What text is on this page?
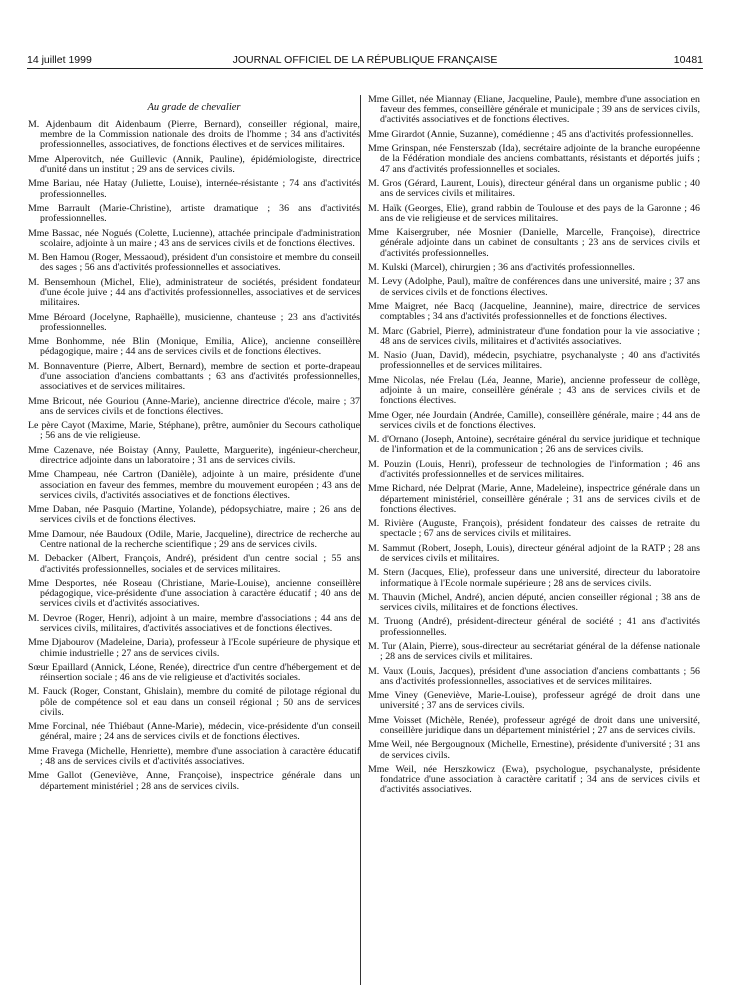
14 juillet 1999	JOURNAL OFFICIEL DE LA RÉPUBLIQUE FRANÇAISE	10481
Au grade de chevalier

M. Ajdenbaum dit Aidenbaum (Pierre, Bernard), conseiller régional, maire, membre de la Commission nationale des droits de l'homme ; 34 ans d'activités professionnelles, associatives, de fonctions électives et de services militaires.

Mme Alperovitch, née Guillevic (Annik, Pauline), épidémiologiste, directrice d'unité dans un institut ; 29 ans de services civils.

Mme Bariau, née Hatay (Juliette, Louise), internée-résistante ; 74 ans d'activités professionnelles.

Mme Barrault (Marie-Christine), artiste dramatique ; 36 ans d'activités professionnelles.

Mme Bassac, née Nogués (Colette, Lucienne), attachée principale d'administration scolaire, adjointe à un maire ; 43 ans de services civils et de fonctions électives.

M. Ben Hamou (Roger, Messaoud), président d'un consistoire et membre du conseil des sages ; 56 ans d'activités professionnelles et associatives.

M. Bensemhoun (Michel, Elie), administrateur de sociétés, président fondateur d'une école juive ; 44 ans d'activités professionnelles, associatives et de services militaires.

Mme Béroard (Jocelyne, Raphaëlle), musicienne, chanteuse ; 23 ans d'activités professionnelles.

Mme Bonhomme, née Blin (Monique, Emilia, Alice), ancienne conseillère pédagogique, maire ; 44 ans de services civils et de fonctions électives.

M. Bonnaventure (Pierre, Albert, Bernard), membre de section et porte-drapeau d'une association d'anciens combattants ; 63 ans d'activités professionnelles, associatives et de services militaires.

Mme Bricout, née Gouriou (Anne-Marie), ancienne directrice d'école, maire ; 37 ans de services civils et de fonctions électives.

Le père Cayot (Maxime, Marie, Stéphane), prêtre, aumônier du Secours catholique ; 56 ans de vie religieuse.

Mme Cazenave, née Boistay (Anny, Paulette, Marguerite), ingénieur-chercheur, directrice adjointe dans un laboratoire ; 31 ans de services civils.

Mme Champeau, née Cartron (Danièle), adjointe à un maire, présidente d'une association en faveur des femmes, membre du mouvement européen ; 43 ans de services civils, d'activités associatives et de fonctions électives.

Mme Daban, née Pasquio (Martine, Yolande), pédopsychiatre, maire ; 26 ans de services civils et de fonctions électives.

Mme Damour, née Baudoux (Odile, Marie, Jacqueline), directrice de recherche au Centre national de la recherche scientifique ; 29 ans de services civils.

M. Debacker (Albert, François, André), président d'un centre social ; 55 ans d'activités professionnelles, sociales et de services militaires.

Mme Desportes, née Roseau (Christiane, Marie-Louise), ancienne conseillère pédagogique, vice-présidente d'une association à caractère éducatif ; 40 ans de services civils et d'activités associatives.

M. Devroe (Roger, Henri), adjoint à un maire, membre d'associations ; 44 ans de services civils, militaires, d'activités associatives et de fonctions électives.

Mme Djabourov (Madeleine, Daria), professeur à l'Ecole supérieure de physique et chimie industrielle ; 27 ans de services civils.

Sœur Epaillard (Annick, Léone, Renée), directrice d'un centre d'hébergement et de réinsertion sociale ; 46 ans de vie religieuse et d'activités sociales.

M. Fauck (Roger, Constant, Ghislain), membre du comité de pilotage régional du pôle de compétence sol et eau dans un conseil régional ; 50 ans de services civils.

Mme Forcinal, née Thiébaut (Anne-Marie), médecin, vice-présidente d'un conseil général, maire ; 24 ans de services civils et de fonctions électives.

Mme Fravega (Michelle, Henriette), membre d'une association à caractère éducatif ; 48 ans de services civils et d'activités associatives.

Mme Gallot (Geneviève, Anne, Françoise), inspectrice générale dans un département ministériel ; 28 ans de services civils.

Mme Gillet, née Miannay (Eliane, Jacqueline, Paule), membre d'une association en faveur des femmes, conseillère générale et municipale ; 39 ans de services civils, d'activités associatives et de fonctions électives.

Mme Girardot (Annie, Suzanne), comédienne ; 45 ans d'activités professionnelles.

Mme Grinspan, née Fensterszab (Ida), secrétaire adjointe de la branche européenne de la Fédération mondiale des anciens combattants, résistants et déportés juifs ; 47 ans d'activités professionnelles et sociales.

M. Gros (Gérard, Laurent, Louis), directeur général dans un organisme public ; 40 ans de services civils et militaires.

M. Haïk (Georges, Elie), grand rabbin de Toulouse et des pays de la Garonne ; 46 ans de vie religieuse et de services militaires.

Mme Kaisergruber, née Mosnier (Danielle, Marcelle, Françoise), directrice générale adjointe dans un cabinet de consultants ; 23 ans de services civils et d'activités professionnelles.

M. Kulski (Marcel), chirurgien ; 36 ans d'activités professionnelles.

M. Levy (Adolphe, Paul), maître de conférences dans une université, maire ; 37 ans de services civils et de fonctions électives.

Mme Maigret, née Bacq (Jacqueline, Jeannine), maire, directrice de services comptables ; 34 ans d'activités professionnelles et de fonctions électives.

M. Marc (Gabriel, Pierre), administrateur d'une fondation pour la vie associative ; 48 ans de services civils, militaires et d'activités associatives.

M. Nasio (Juan, David), médecin, psychiatre, psychanalyste ; 40 ans d'activités professionnelles et de services militaires.

Mme Nicolas, née Frelau (Léa, Jeanne, Marie), ancienne professeur de collège, adjointe à un maire, conseillère générale ; 43 ans de services civils et de fonctions électives.

Mme Oger, née Jourdain (Andrée, Camille), conseillère générale, maire ; 44 ans de services civils et de fonctions électives.

M. d'Ornano (Joseph, Antoine), secrétaire général du service juridique et technique de l'information et de la communication ; 26 ans de services civils.

M. Pouzin (Louis, Henri), professeur de technologies de l'information ; 46 ans d'activités professionnelles et de services militaires.

Mme Richard, née Delprat (Marie, Anne, Madeleine), inspectrice générale dans un département ministériel, conseillère générale ; 31 ans de services civils et de fonctions électives.

M. Rivière (Auguste, François), président fondateur des caisses de retraite du spectacle ; 67 ans de services civils et militaires.

M. Sammut (Robert, Joseph, Louis), directeur général adjoint de la RATP ; 28 ans de services civils et militaires.

M. Stern (Jacques, Elie), professeur dans une université, directeur du laboratoire informatique à l'Ecole normale supérieure ; 28 ans de services civils.

M. Thauvin (Michel, André), ancien député, ancien conseiller régional ; 38 ans de services civils, militaires et de fonctions électives.

M. Truong (André), président-directeur général de société ; 41 ans d'activités professionnelles.

M. Tur (Alain, Pierre), sous-directeur au secrétariat général de la défense nationale ; 28 ans de services civils et militaires.

M. Vaux (Louis, Jacques), président d'une association d'anciens combattants ; 56 ans d'activités professionnelles, associatives et de services militaires.

Mme Viney (Geneviève, Marie-Louise), professeur agrégé de droit dans une université ; 37 ans de services civils.

Mme Voisset (Michèle, Renée), professeur agrégé de droit dans une université, conseillère juridique dans un département ministériel ; 27 ans de services civils.

Mme Weil, née Bergougnoux (Michelle, Ernestine), présidente d'université ; 31 ans de services civils.

Mme Weil, née Herszkowicz (Ewa), psychologue, psychanalyste, présidente fondatrice d'une association à caractère caritatif ; 34 ans de services civils et d'activités associatives.
